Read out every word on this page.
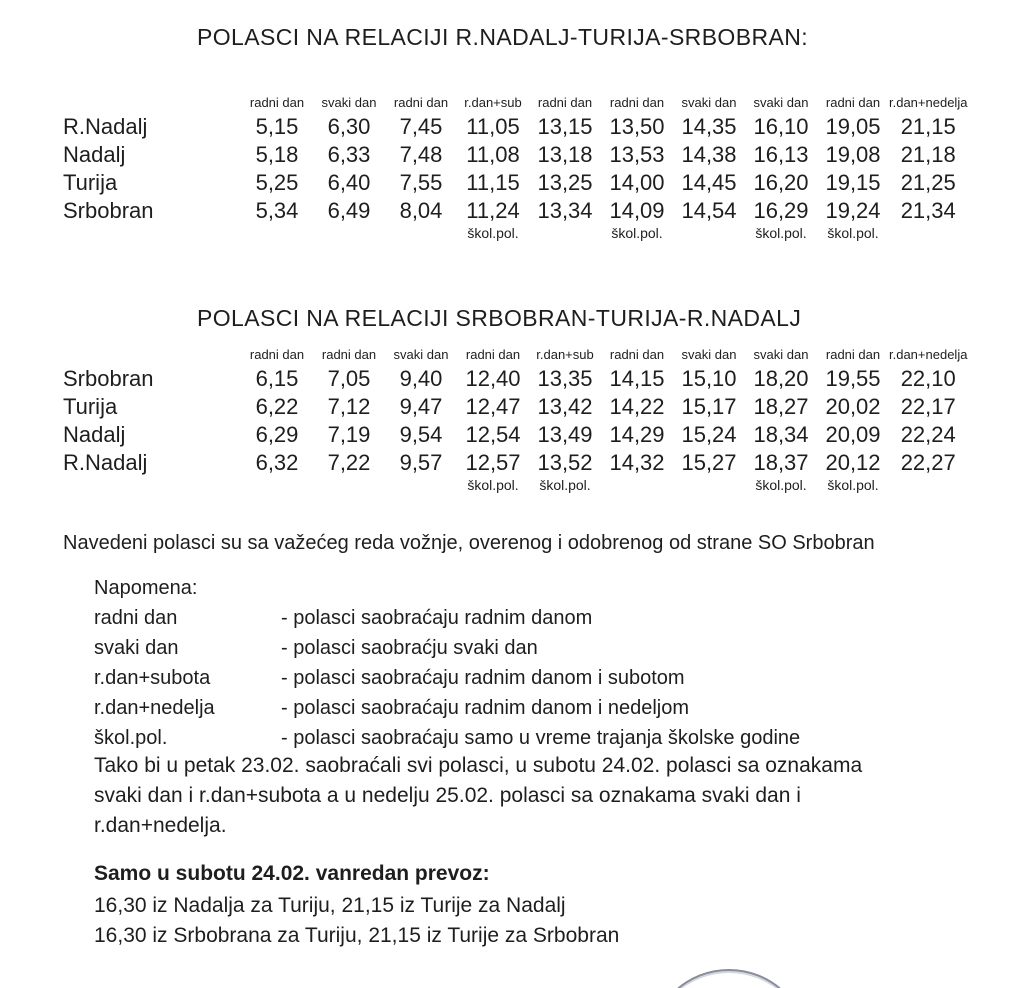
POLASCI NA RELACIJI R.NADALJ-TURIJA-SRBOBRAN:
	radni dan	svaki dan	radni dan	r.dan+sub	radni dan	radni dan	svaki dan	svaki dan	radni dan	r.dan+nedelja
R.Nadalj	5,15	6,30	7,45	11,05	13,15	13,50	14,35	16,10	19,05	21,15
Nadalj	5,18	6,33	7,48	11,08	13,18	13,53	14,38	16,13	19,08	21,18
Turija	5,25	6,40	7,55	11,15	13,25	14,00	14,45	16,20	19,15	21,25
Srbobran	5,34	6,49	8,04	11,24	13,34	14,09	14,54	16,29	19,24	21,34
				škol.pol.		škol.pol.		škol.pol.	škol.pol.	
POLASCI NA RELACIJI SRBOBRAN-TURIJA-R.NADALJ
	radni dan	radni dan	svaki dan	radni dan	r.dan+sub	radni dan	svaki dan	svaki dan	radni dan	r.dan+nedelja
Srbobran	6,15	7,05	9,40	12,40	13,35	14,15	15,10	18,20	19,55	22,10
Turija	6,22	7,12	9,47	12,47	13,42	14,22	15,17	18,27	20,02	22,17
Nadalj	6,29	7,19	9,54	12,54	13,49	14,29	15,24	18,34	20,09	22,24
R.Nadalj	6,32	7,22	9,57	12,57	13,52	14,32	15,27	18,37	20,12	22,27
				škol.pol.	škol.pol.			škol.pol.	škol.pol.	
Navedeni polasci su sa važećeg reda vožnje, overenog i odobrenog od strane SO Srbobran
Napomena:
radni dan	- polasci saobraćaju radnim danom
svaki dan	- polasci saobraćju svaki dan
r.dan+subota	- polasci saobraćaju radnim danom i subotom
r.dan+nedelja	- polasci saobraćaju radnim danom i nedeljom
škol.pol.	- polasci saobraćaju samo u vreme trajanja školske godine
Tako bi u petak 23.02. saobraćali svi polasci, u subotu 24.02. polasci sa oznakama
svaki dan i r.dan+subota a u nedelju 25.02. polasci sa oznakama svaki dan i
r.dan+nedelja.

Samo u subotu 24.02. vanredan prevoz:

16,30 iz Nadalja za Turiju, 21,15 iz Turije za Nadalj
16,30 iz Srbobrana za Turiju, 21,15 iz Turije za Srbobran
